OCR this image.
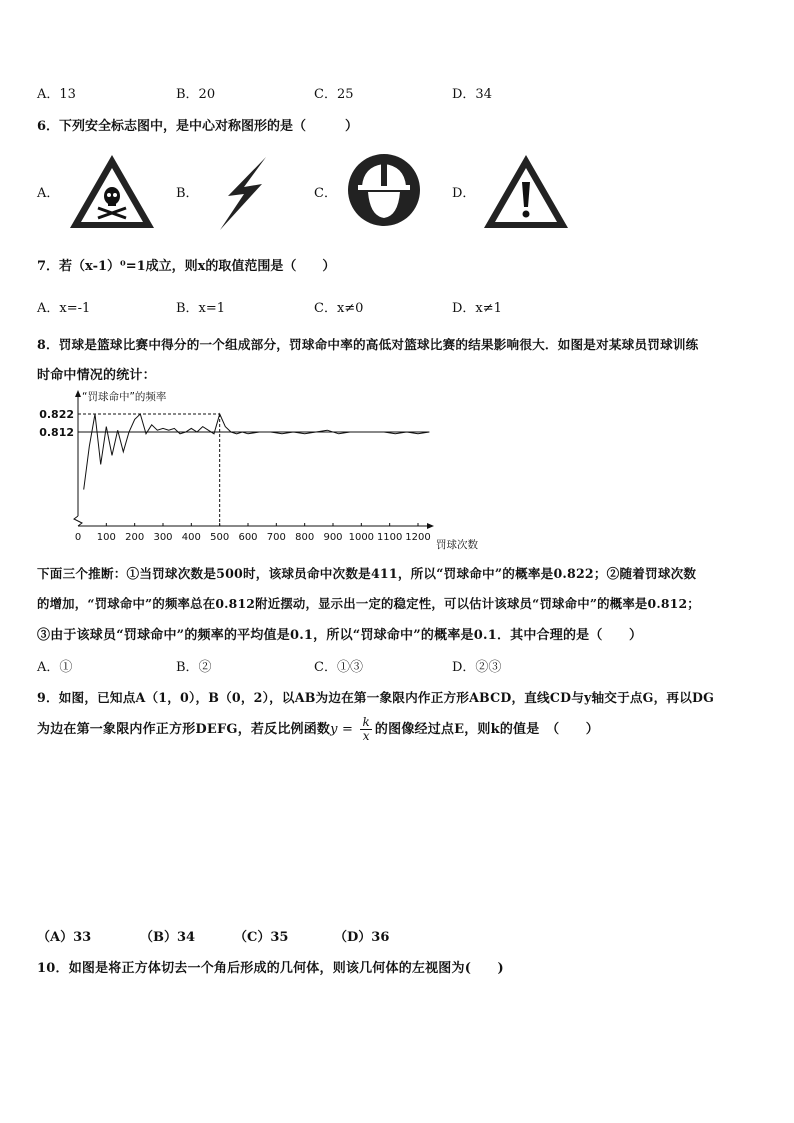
A．13	B．20	C．25	D．34
6．下列安全标志图中，是中心对称图形的是（　　　）
A．	B．	C．	D．
7．若（x-1）⁰=1成立，则x的取值范围是（　　）
A．x=-1	B．x=1	C．x≠0	D．x≠1
8．罚球是篮球比赛中得分的一个组成部分，罚球命中率的高低对篮球比赛的结果影响很大．如图是对某球员罚球训练
时命中情况的统计：
0 100 200 300 400 500 600 700 800 900 1000 1100 1200
0.822
0.812
“罚球命中”的频率
罚球次数
下面三个推断：①当罚球次数是500时，该球员命中次数是411，所以“罚球命中”的概率是0.822；②随着罚球次数
的增加，“罚球命中”的频率总在0.812附近摆动，显示出一定的稳定性，可以估计该球员“罚球命中”的概率是0.812；
③由于该球员“罚球命中”的频率的平均值是0.1，所以“罚球命中”的概率是0.1．其中合理的是（　　）
A．①	B．②	C．①③	D．②③
9．如图，已知点A（1，0），B（0，2），以AB为边在第一象限内作正方形ABCD，直线CD与y轴交于点G，再以DG
为边在第一象限内作正方形DEFG，若反比例函数$y = \frac{k}{x}$ 的图像经过点E，则k的值是　（　　）
（A）33	（B）34	（C）35	（D）36
10．如图是将正方体切去一个角后形成的几何体，则该几何体的左视图为(　　)
